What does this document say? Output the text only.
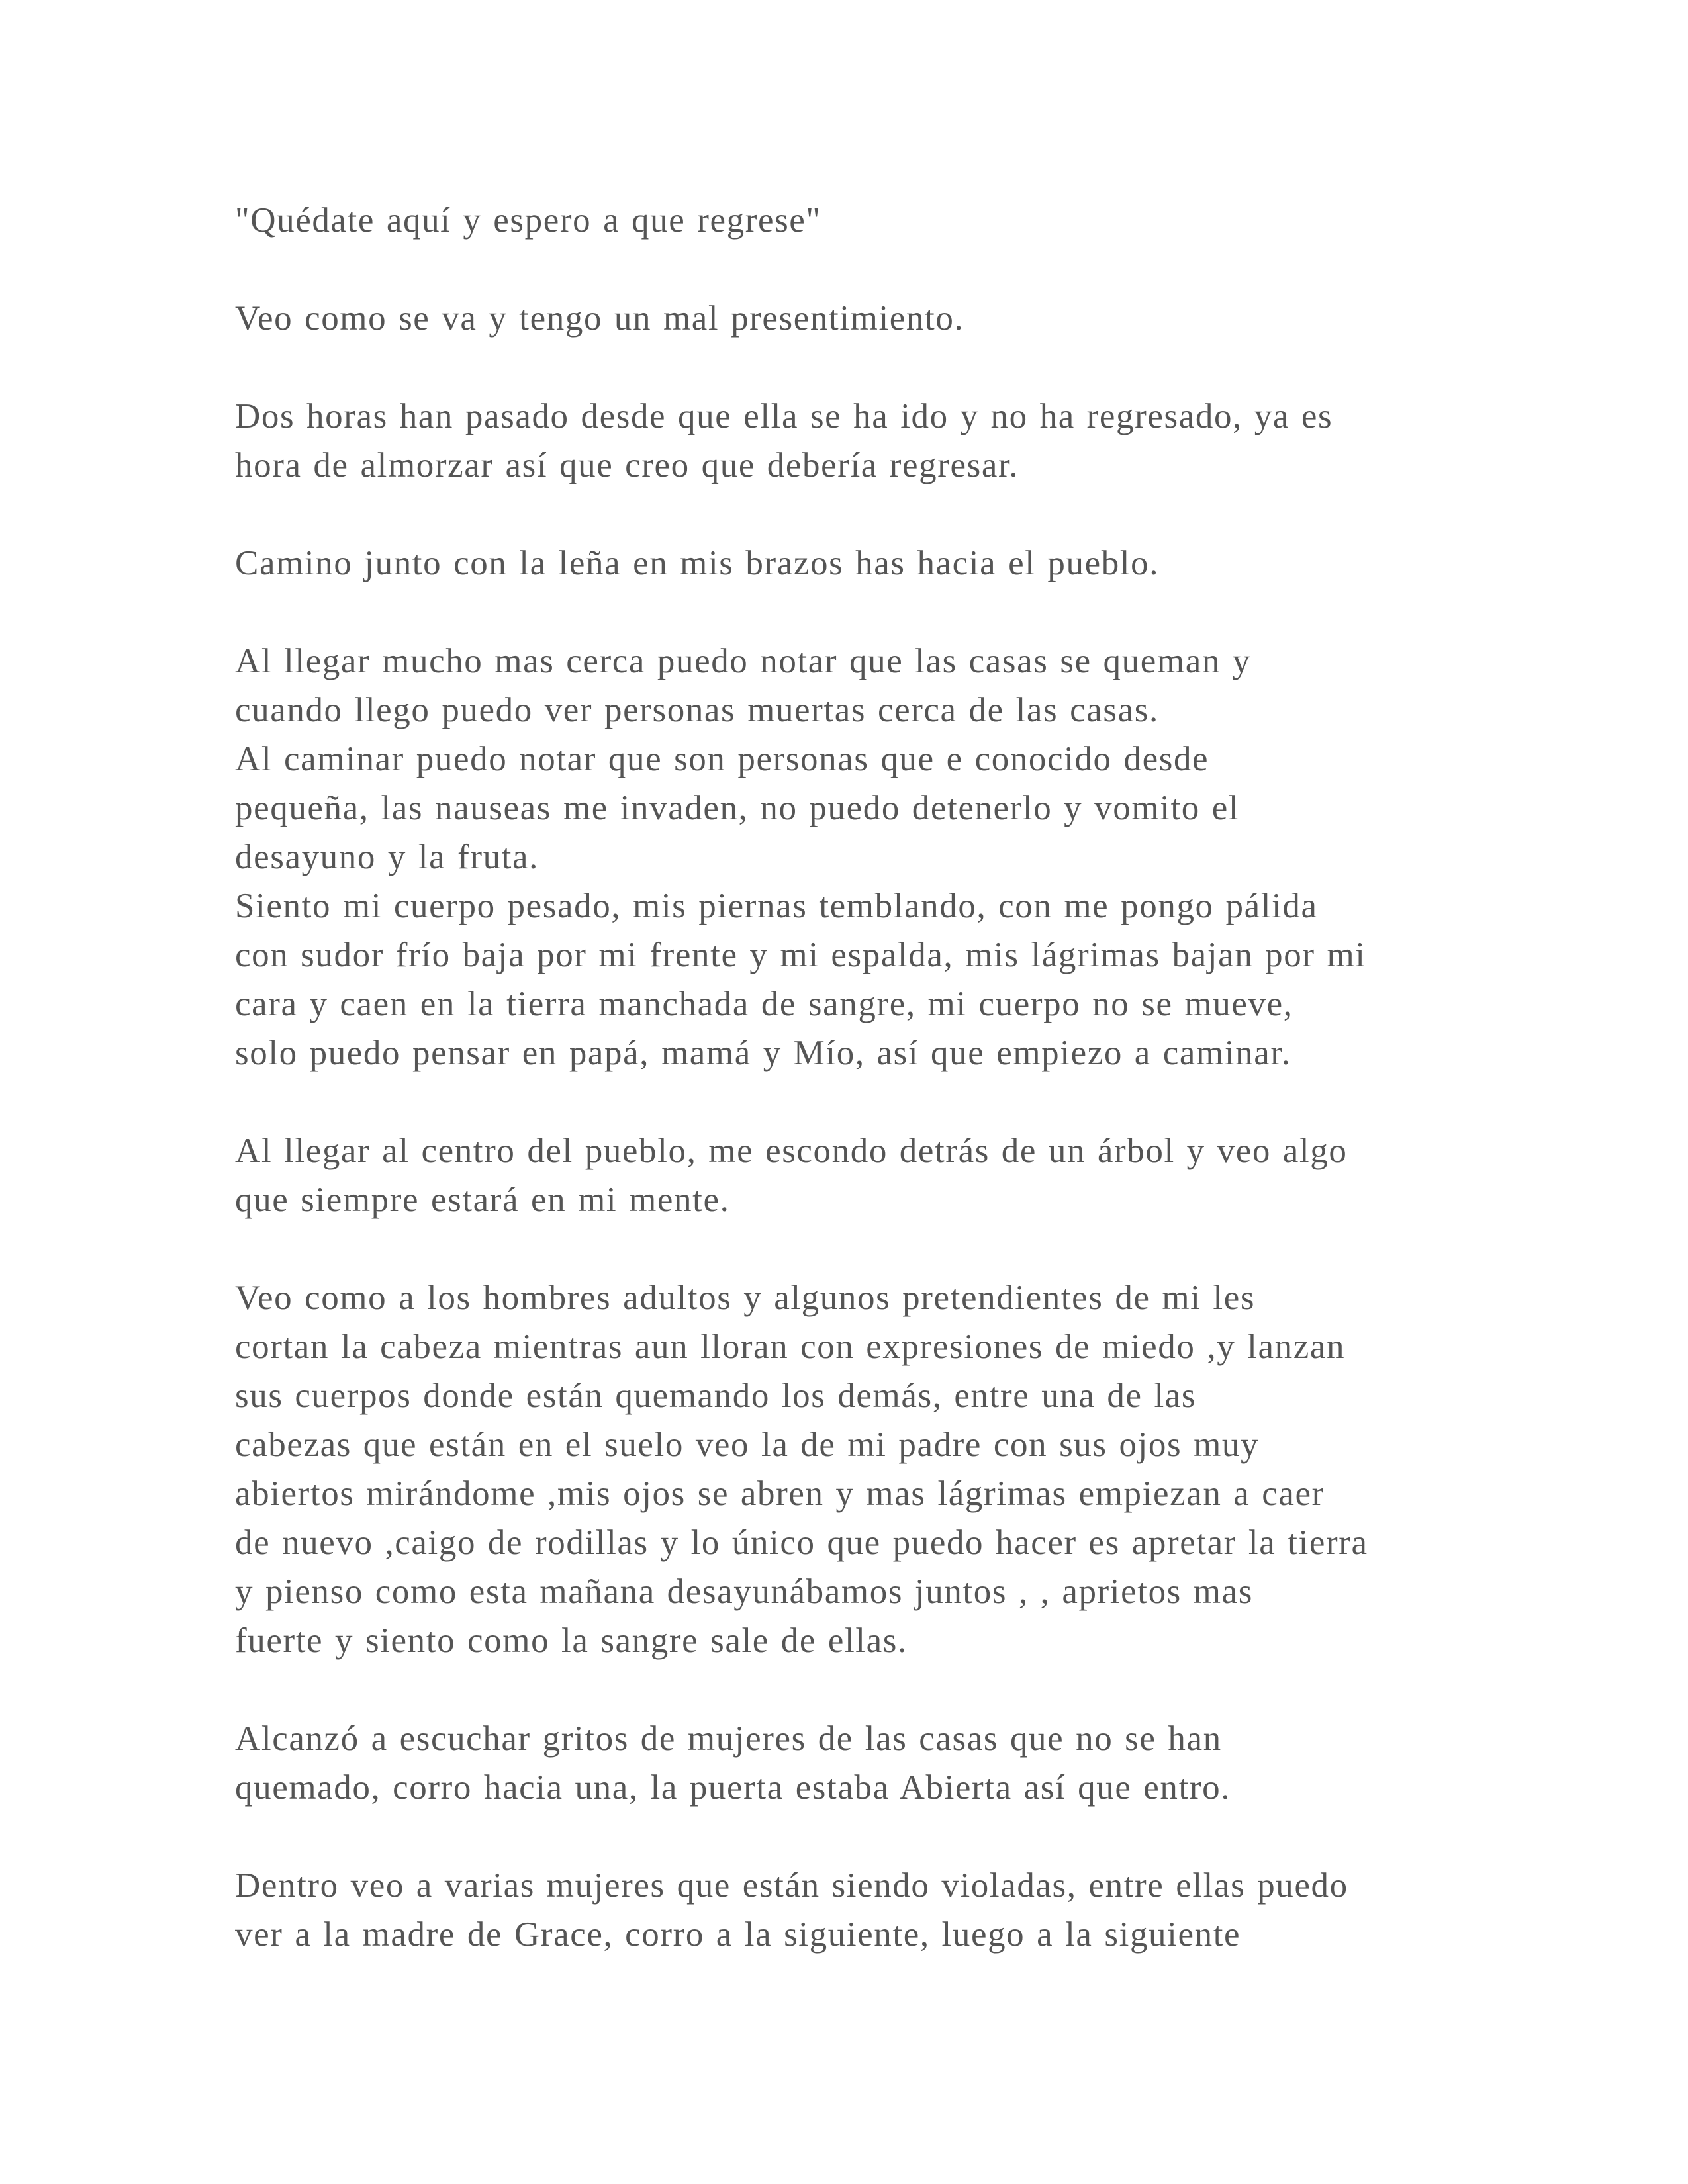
"Quédate aquí y espero a que regrese"
Veo como se va y tengo un mal presentimiento.
Dos horas han pasado desde que ella se ha ido y no ha regresado, ya es
hora de almorzar así que creo que debería regresar.
Camino junto con la leña en mis brazos has hacia el pueblo.
Al llegar mucho mas cerca puedo notar que las casas se queman y
cuando llego puedo ver personas muertas cerca de las casas.
Al caminar puedo notar que son personas que e conocido desde
pequeña, las nauseas me invaden, no puedo detenerlo y vomito el
desayuno y la fruta.
Siento mi cuerpo pesado, mis piernas temblando, con me pongo pálida
con sudor frío baja por mi frente y mi espalda, mis lágrimas bajan por mi
cara y caen en la tierra manchada de sangre, mi cuerpo no se mueve,
solo puedo pensar en papá, mamá y Mío, así que empiezo a caminar.
Al llegar al centro del pueblo, me escondo detrás de un árbol y veo algo
que siempre estará en mi mente.
Veo como a los hombres adultos y algunos pretendientes de mi les
cortan la cabeza mientras aun lloran con expresiones de miedo ,y lanzan
sus cuerpos donde están quemando los demás, entre una de las
cabezas que están en el suelo veo la de mi padre con sus ojos muy
abiertos mirándome ,mis ojos se abren y mas lágrimas empiezan a caer
de nuevo ,caigo de rodillas y lo único que puedo hacer es apretar la tierra
y pienso como esta mañana desayunábamos juntos , , aprietos mas
fuerte y siento como la sangre sale de ellas.
Alcanzó a escuchar gritos de mujeres de las casas que no se han
quemado, corro hacia una, la puerta estaba Abierta así que entro.
Dentro veo a varias mujeres que están siendo violadas, entre ellas puedo
ver a la madre de Grace, corro a la siguiente, luego a la siguiente
